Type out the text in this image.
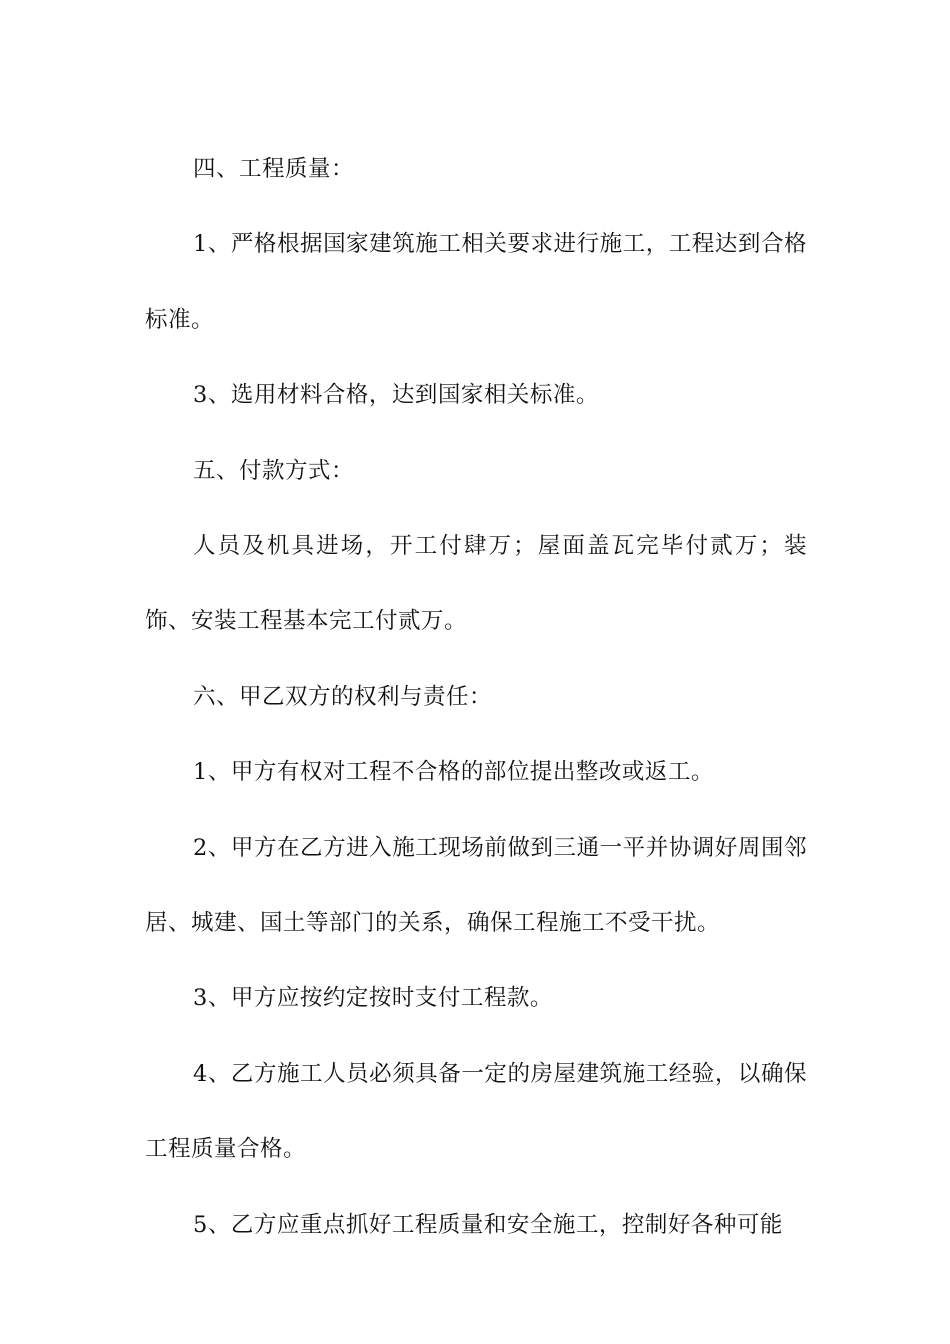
四、工程质量：

1、严格根据国家建筑施工相关要求进行施工，工程达到合格标准。

3、选用材料合格，达到国家相关标准。

五、付款方式：

人员及机具进场，开工付肆万；屋面盖瓦完毕付贰万；装饰、安装工程基本完工付贰万。

六、甲乙双方的权利与责任：

1、甲方有权对工程不合格的部位提出整改或返工。

2、甲方在乙方进入施工现场前做到三通一平并协调好周围邻居、城建、国土等部门的关系，确保工程施工不受干扰。

3、甲方应按约定按时支付工程款。

4、乙方施工人员必须具备一定的房屋建筑施工经验，以确保工程质量合格。

5、乙方应重点抓好工程质量和安全施工，控制好各种可能
